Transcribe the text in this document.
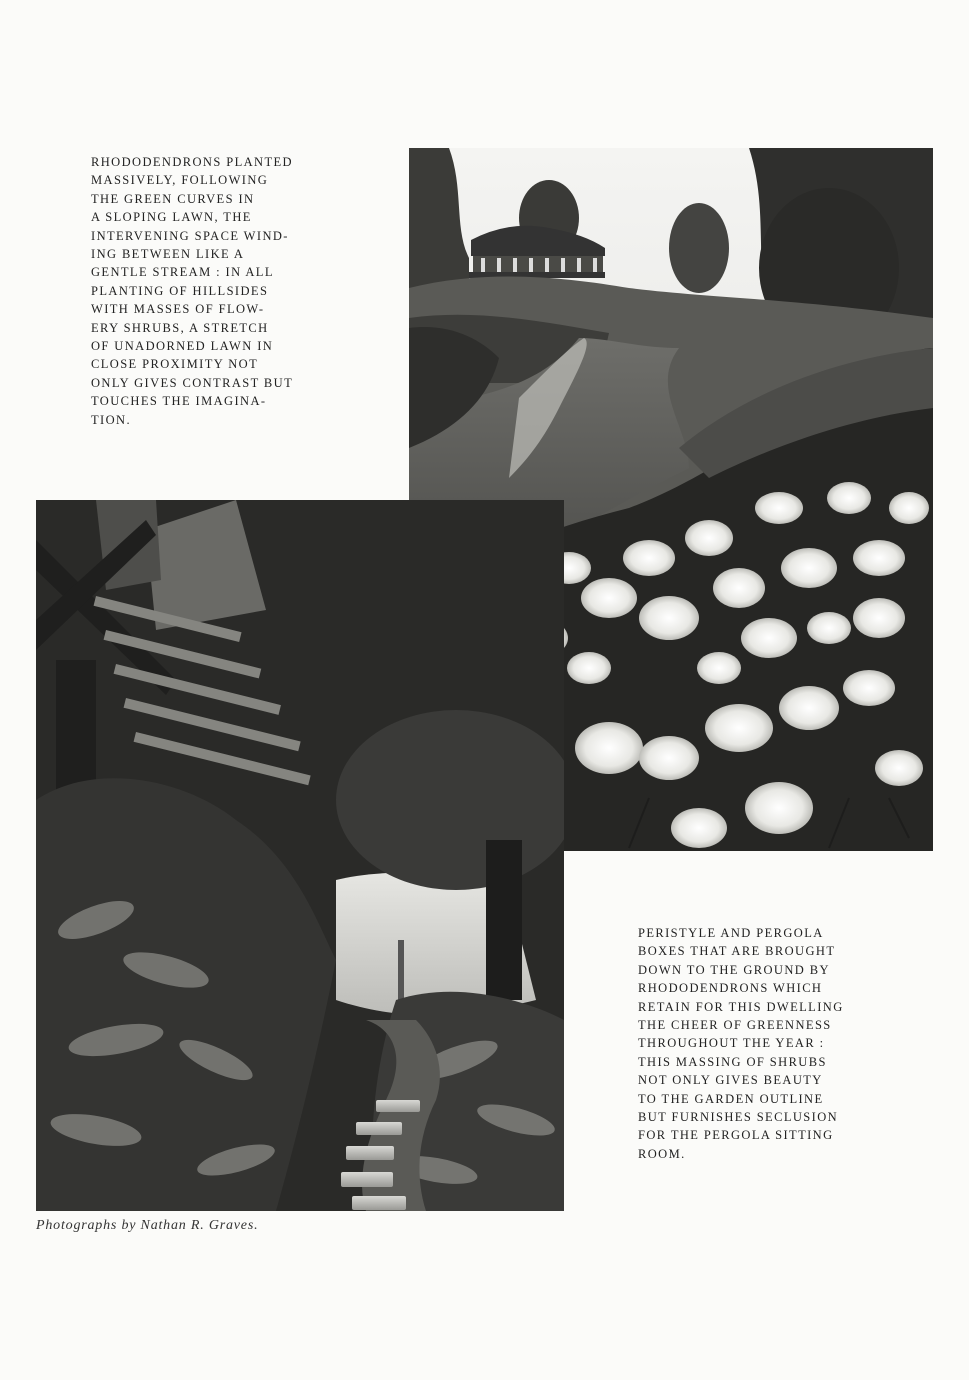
RHODODENDRONS PLANTED
MASSIVELY, FOLLOWING
THE GREEN CURVES IN
A SLOPING LAWN, THE
INTERVENING SPACE WIND-
ING BETWEEN LIKE A
GENTLE STREAM : IN ALL
PLANTING OF HILLSIDES
WITH MASSES OF FLOW-
ERY SHRUBS, A STRETCH
OF UNADORNED LAWN IN
CLOSE PROXIMITY NOT
ONLY GIVES CONTRAST BUT
TOUCHES THE IMAGINA-
TION.

PERISTYLE AND PERGOLA
BOXES THAT ARE BROUGHT
DOWN TO THE GROUND BY
RHODODENDRONS WHICH
RETAIN FOR THIS DWELLING
THE CHEER OF GREENNESS
THROUGHOUT THE YEAR :
THIS MASSING OF SHRUBS
NOT ONLY GIVES BEAUTY
TO THE GARDEN OUTLINE
BUT FURNISHES SECLUSION
FOR THE PERGOLA SITTING
ROOM.

Photographs by Nathan R. Graves.
